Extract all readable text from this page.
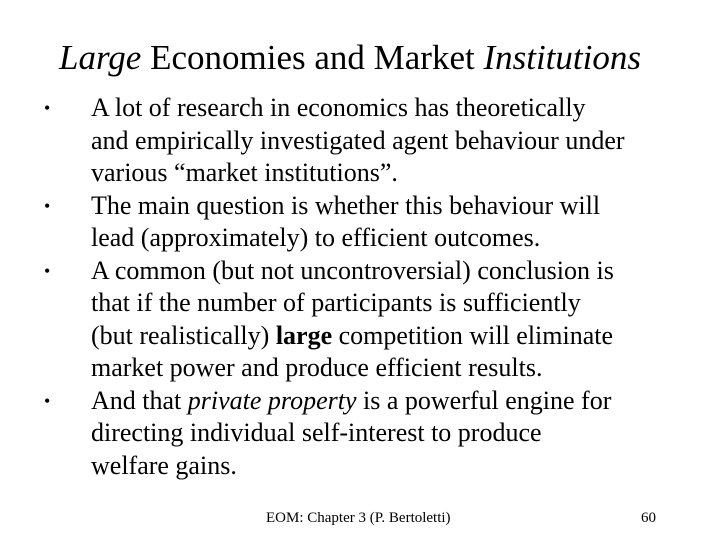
Large Economies and Market Institutions
•	A lot of research in economics has theoretically
and empirically investigated agent behaviour under
various “market institutions”.
•	The main question is whether this behaviour will
lead (approximately) to efficient outcomes.
•	A common (but not uncontroversial) conclusion is
that if the number of participants is sufficiently
(but realistically) large competition will eliminate
market power and produce efficient results.
•	And that private property is a powerful engine for
directing individual self-interest to produce
welfare gains.
EOM: Chapter 3 (P. Bertoletti)	60
